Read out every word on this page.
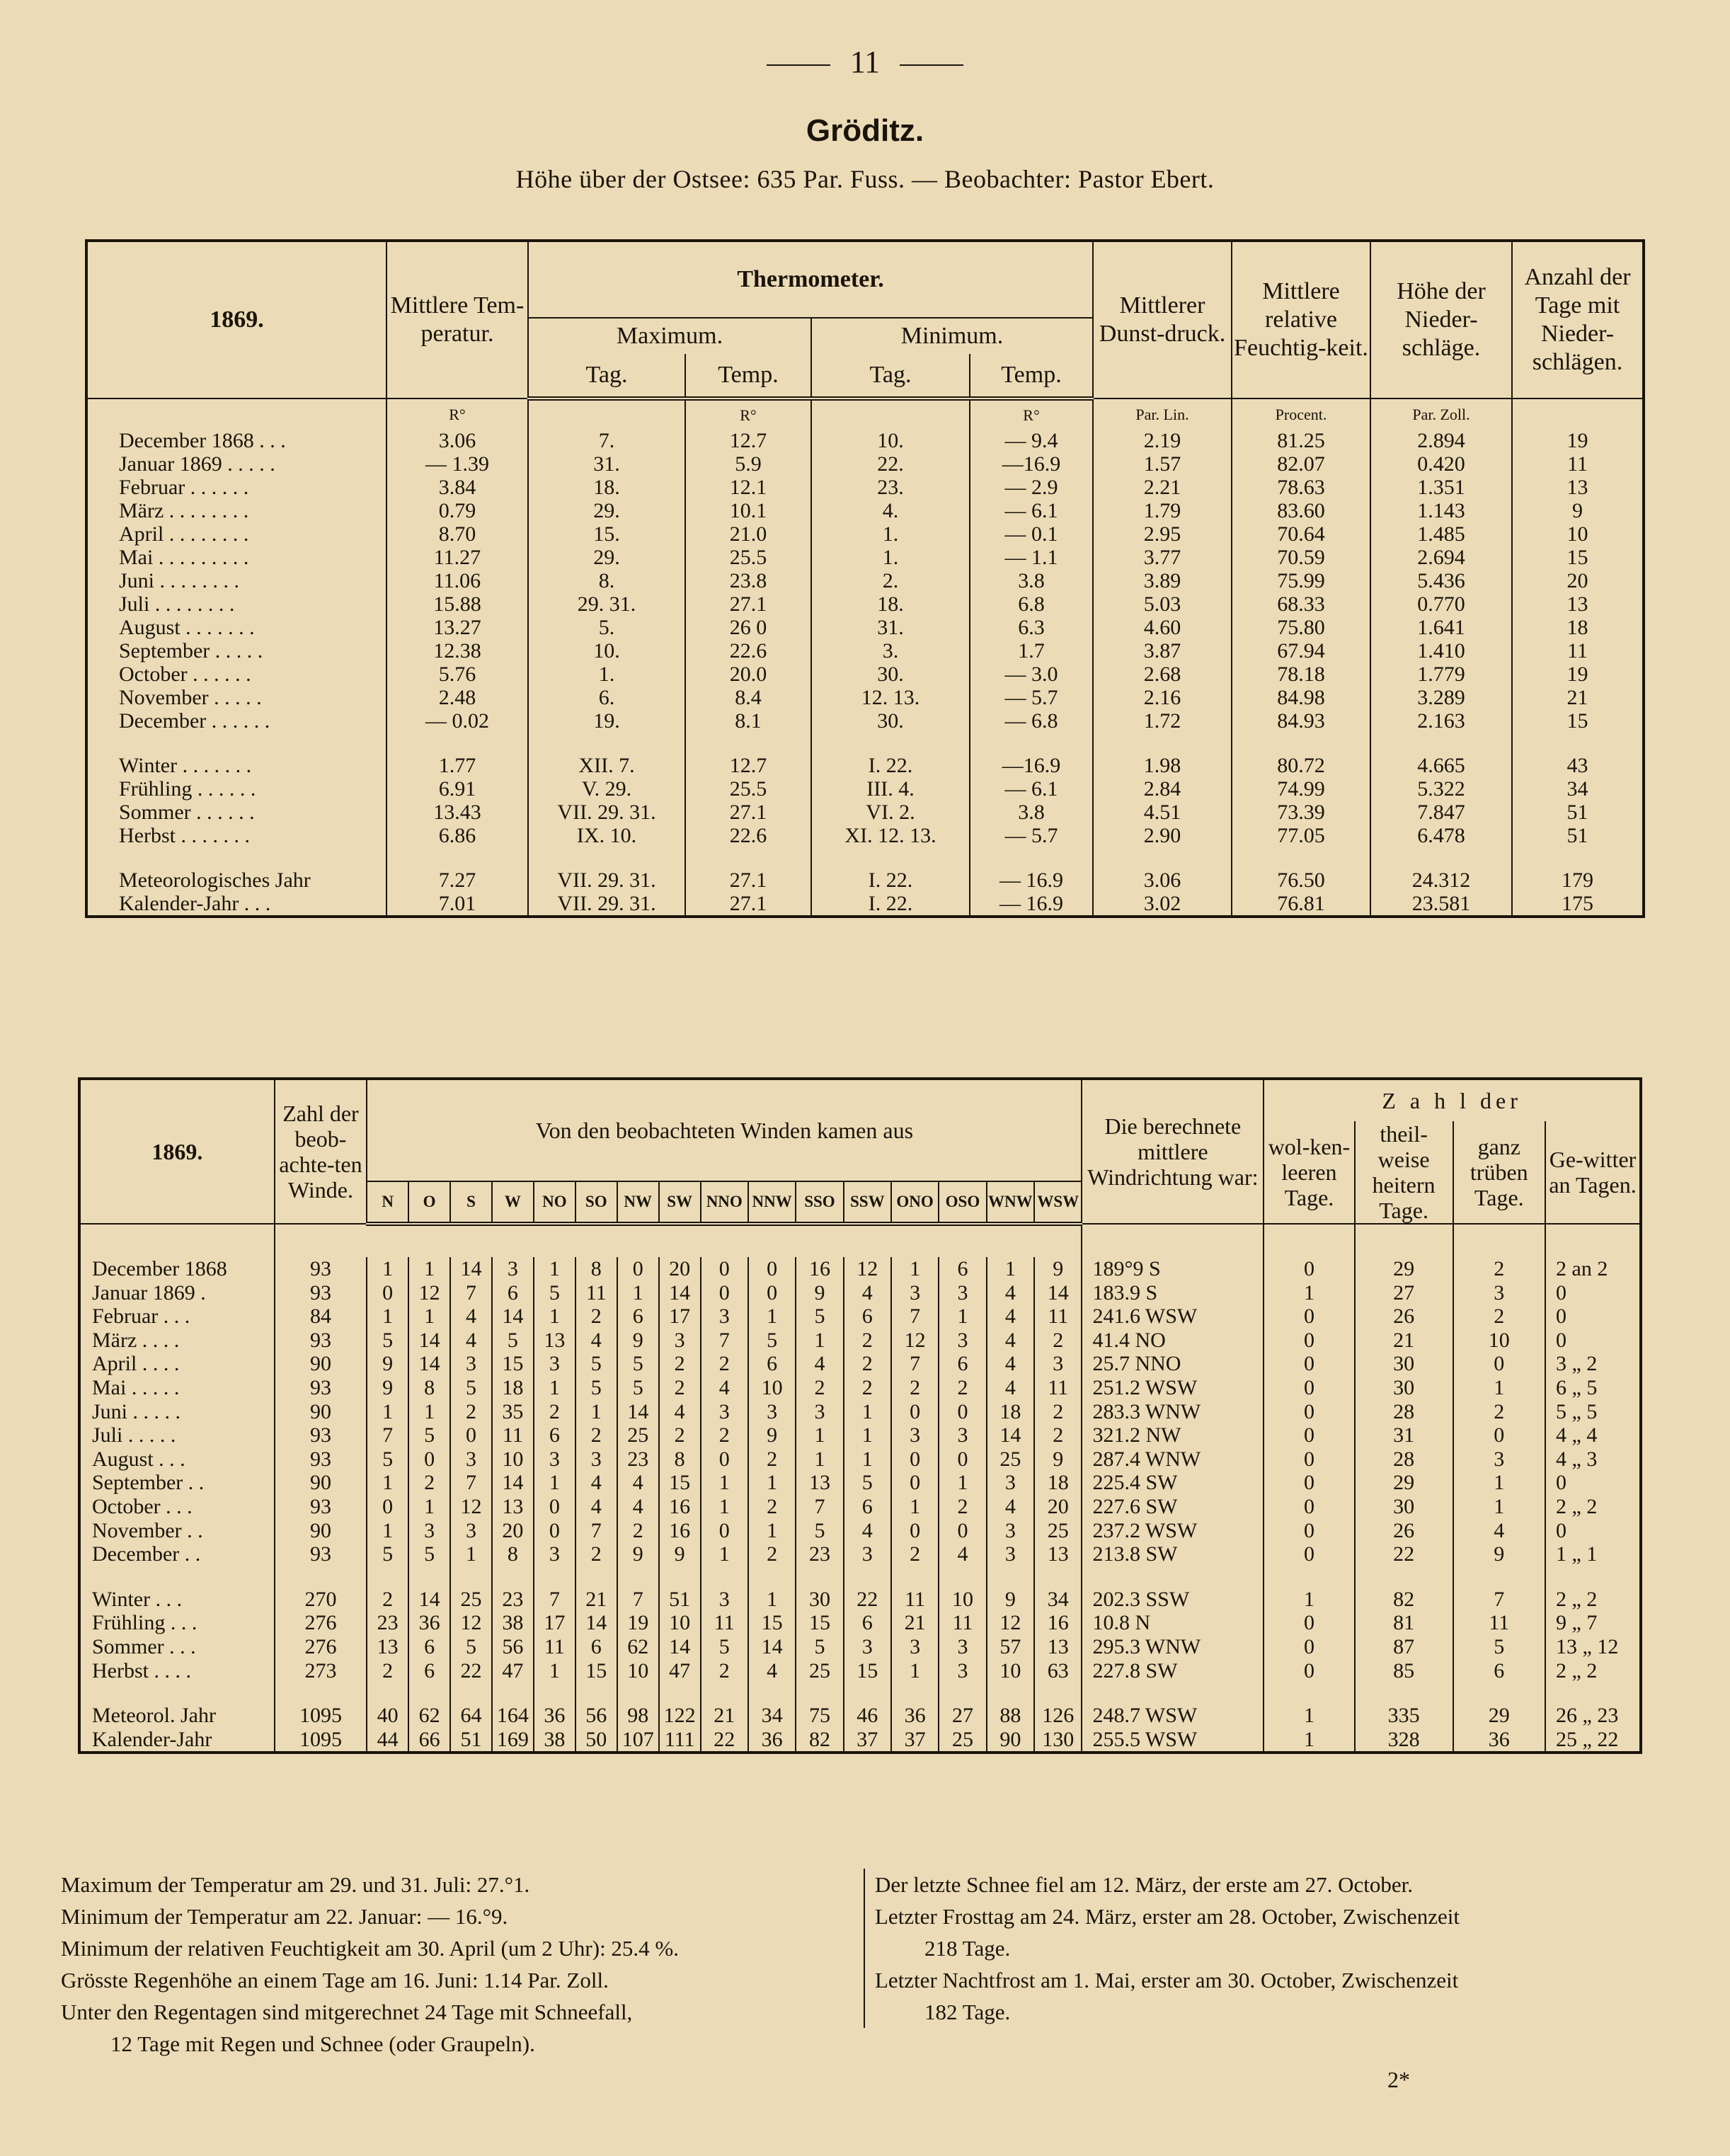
11
Gröditz.
Höhe über der Ostsee: 635 Par. Fuss. — Beobachter: Pastor Ebert.
1869.	Mittlere Tem-peratur.	Thermometer.				Mittlerer Dunst-druck.	Mittlere relative Feuchtig-keit.	Höhe der Nieder-schläge.	Anzahl der Tage mit Nieder-schlägen.
		Maximum.		Minimum.					
		Tag.	Temp.	Tag.	Temp.				
	R°		R°		R°	Par. Lin.	Procent.	Par. Zoll.	
December 1868 . . .	3.06	7.	12.7	10.	— 9.4	2.19	81.25	2.894	19
Januar 1869 . . . . .	— 1.39	31.	5.9	22.	—16.9	1.57	82.07	0.420	11
Februar . . . . . .	3.84	18.	12.1	23.	— 2.9	2.21	78.63	1.351	13
März . . . . . . . .	0.79	29.	10.1	4.	— 6.1	1.79	83.60	1.143	9
April . . . . . . . .	8.70	15.	21.0	1.	— 0.1	2.95	70.64	1.485	10
Mai . . . . . . . . .	11.27	29.	25.5	1.	— 1.1	3.77	70.59	2.694	15
Juni . . . . . . . .	11.06	8.	23.8	2.	3.8	3.89	75.99	5.436	20
Juli . . . . . . . .	15.88	29. 31.	27.1	18.	6.8	5.03	68.33	0.770	13
August . . . . . . .	13.27	5.	26 0	31.	6.3	4.60	75.80	1.641	18
September . . . . .	12.38	10.	22.6	3.	1.7	3.87	67.94	1.410	11
October . . . . . .	5.76	1.	20.0	30.	— 3.0	2.68	78.18	1.779	19
November . . . . .	2.48	6.	8.4	12. 13.	— 5.7	2.16	84.98	3.289	21
December . . . . . .	— 0.02	19.	8.1	30.	— 6.8	1.72	84.93	2.163	15

Winter . . . . . . .	1.77	XII. 7.	12.7	I. 22.	—16.9	1.98	80.72	4.665	43
Frühling . . . . . .	6.91	V. 29.	25.5	III. 4.	— 6.1	2.84	74.99	5.322	34
Sommer . . . . . .	13.43	VII. 29. 31.	27.1	VI. 2.	3.8	4.51	73.39	7.847	51
Herbst . . . . . . .	6.86	IX. 10.	22.6	XI. 12. 13.	— 5.7	2.90	77.05	6.478	51

Meteorologisches Jahr	7.27	VII. 29. 31.	27.1	I. 22.	— 16.9	3.06	76.50	24.312	179
Kalender-Jahr . . .	7.01	VII. 29. 31.	27.1	I. 22.	— 16.9	3.02	76.81	23.581	175
1869.	Zahl der beob-achte-ten Winde.	Von den beobachteten Winden kamen aus																Die berechnete mittlere Windrichtung war:	Z a h l der			
																			wol-ken-leeren Tage.	theil-weise heitern Tage.	ganz trüben Tage.	Ge-witter an Tagen.
		N	O	S	W	NO	SO	NW	SW	NNO	NNW	SSO	SSW	ONO	OSO	WNW	WSW					

December 1868	93	1	1	14	3	1	8	0	20	0	0	16	12	1	6	1	9	189°9 S	0	29	2	2 an 2
Januar 1869 .	93	0	12	7	6	5	11	1	14	0	0	9	4	3	3	4	14	183.9 S	1	27	3	0
Februar . . .	84	1	1	4	14	1	2	6	17	3	1	5	6	7	1	4	11	241.6 WSW	0	26	2	0
März . . . .	93	5	14	4	5	13	4	9	3	7	5	1	2	12	3	4	2	41.4 NO	0	21	10	0
April . . . .	90	9	14	3	15	3	5	5	2	2	6	4	2	7	6	4	3	25.7 NNO	0	30	0	3 „ 2
Mai . . . . .	93	9	8	5	18	1	5	5	2	4	10	2	2	2	2	4	11	251.2 WSW	0	30	1	6 „ 5
Juni . . . . .	90	1	1	2	35	2	1	14	4	3	3	3	1	0	0	18	2	283.3 WNW	0	28	2	5 „ 5
Juli . . . . .	93	7	5	0	11	6	2	25	2	2	9	1	1	3	3	14	2	321.2 NW	0	31	0	4 „ 4
August . . .	93	5	0	3	10	3	3	23	8	0	2	1	1	0	0	25	9	287.4 WNW	0	28	3	4 „ 3
September . .	90	1	2	7	14	1	4	4	15	1	1	13	5	0	1	3	18	225.4 SW	0	29	1	0
October . . .	93	0	1	12	13	0	4	4	16	1	2	7	6	1	2	4	20	227.6 SW	0	30	1	2 „ 2
November . .	90	1	3	3	20	0	7	2	16	0	1	5	4	0	0	3	25	237.2 WSW	0	26	4	0
December . .	93	5	5	1	8	3	2	9	9	1	2	23	3	2	4	3	13	213.8 SW	0	22	9	1 „ 1

Winter . . .	270	2	14	25	23	7	21	7	51	3	1	30	22	11	10	9	34	202.3 SSW	1	82	7	2 „ 2
Frühling . . .	276	23	36	12	38	17	14	19	10	11	15	15	6	21	11	12	16	10.8 N	0	81	11	9 „ 7
Sommer . . .	276	13	6	5	56	11	6	62	14	5	14	5	3	3	3	57	13	295.3 WNW	0	87	5	13 „ 12
Herbst . . . .	273	2	6	22	47	1	15	10	47	2	4	25	15	1	3	10	63	227.8 SW	0	85	6	2 „ 2

Meteorol. Jahr	1095	40	62	64	164	36	56	98	122	21	34	75	46	36	27	88	126	248.7 WSW	1	335	29	26 „ 23
Kalender-Jahr	1095	44	66	51	169	38	50	107	111	22	36	82	37	37	25	90	130	255.5 WSW	1	328	36	25 „ 22

Maximum der Temperatur am 29. und 31. Juli: 27.°1.

Minimum der Temperatur am 22. Januar: — 16.°9.

Minimum der relativen Feuchtigkeit am 30. April (um 2 Uhr): 25.4 %.

Grösste Regenhöhe an einem Tage am 16. Juni: 1.14 Par. Zoll.

Unter den Regentagen sind mitgerechnet 24 Tage mit Schneefall,

12 Tage mit Regen und Schnee (oder Graupeln).

Der letzte Schnee fiel am 12. März, der erste am 27. October.

Letzter Frosttag am 24. März, erster am 28. October, Zwischenzeit

218 Tage.

Letzter Nachtfrost am 1. Mai, erster am 30. October, Zwischenzeit

182 Tage.

2*
